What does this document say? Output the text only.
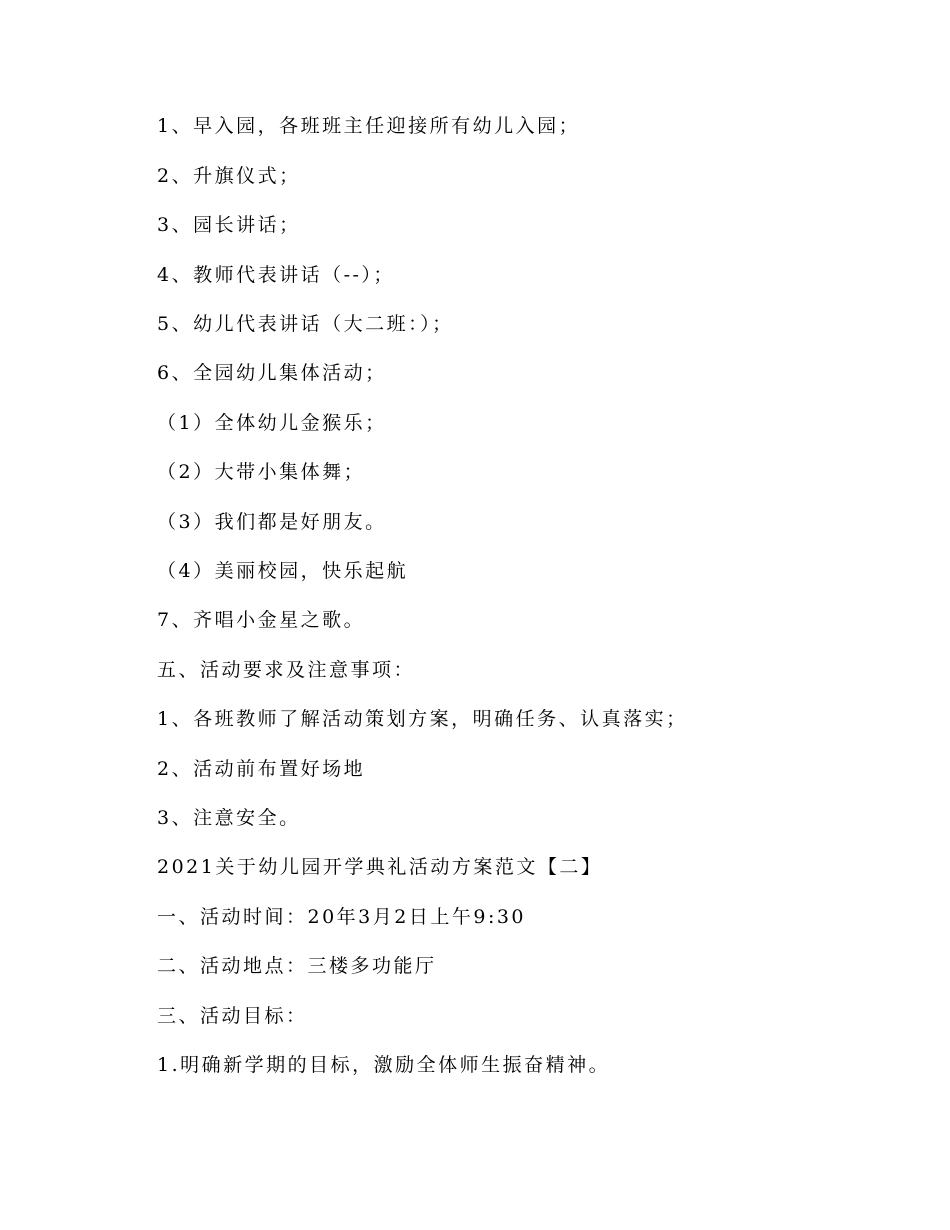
1、早入园，各班班主任迎接所有幼儿入园；

2、升旗仪式；

3、园长讲话；

4、教师代表讲话（--）；

5、幼儿代表讲话（大二班：）；

6、全园幼儿集体活动；

（1）全体幼儿金猴乐；

（2）大带小集体舞；

（3）我们都是好朋友。

（4）美丽校园，快乐起航

7、齐唱小金星之歌。

五、活动要求及注意事项：

1、各班教师了解活动策划方案，明确任务、认真落实；

2、活动前布置好场地

3、注意安全。

2021关于幼儿园开学典礼活动方案范文【二】

一、活动时间：20年3月2日上午9:30

二、活动地点：三楼多功能厅

三、活动目标：

1.明确新学期的目标，激励全体师生振奋精神。
